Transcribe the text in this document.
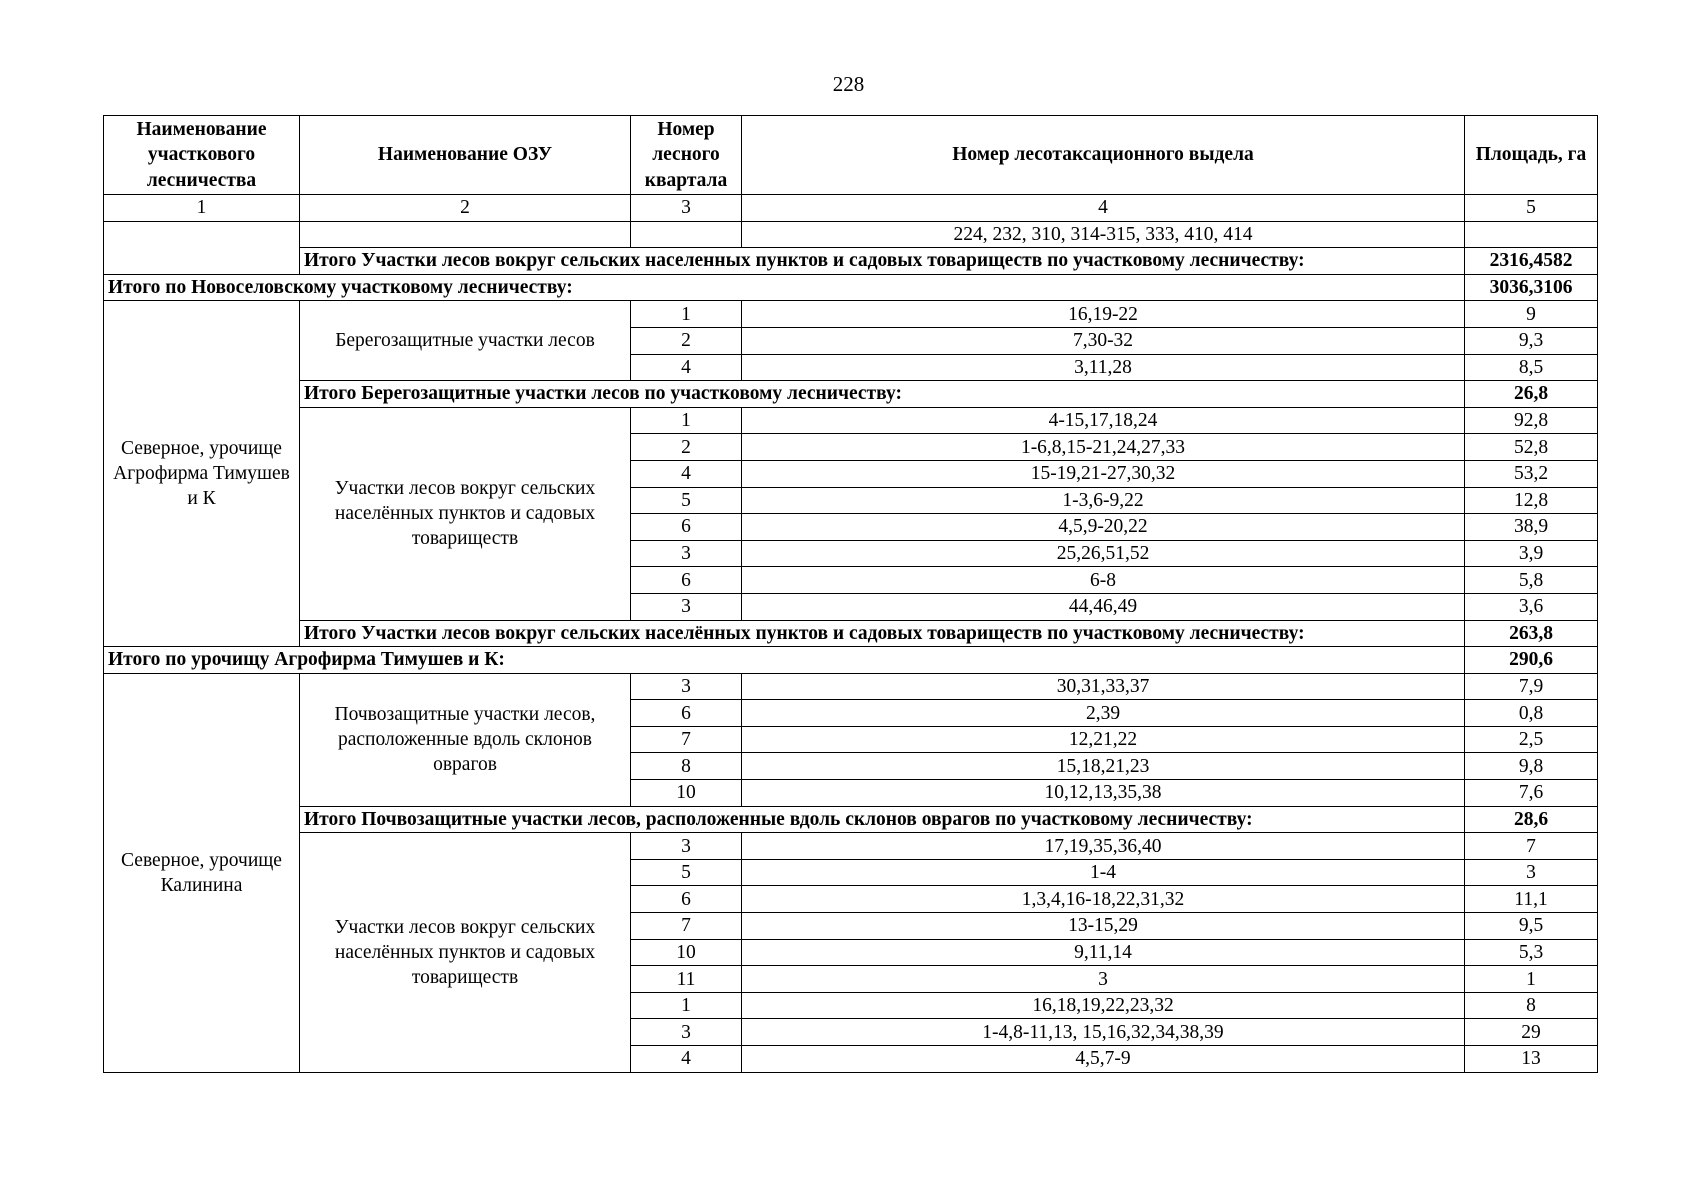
228
Наименование участкового лесничества	Наименование ОЗУ	Номер лесного квартала	Номер лесотаксационного выдела	Площадь, га
1	2	3	4	5
			224, 232, 310, 314-315, 333, 410, 414	
	Итого Участки лесов вокруг сельских населенных пунктов и садовых товариществ по участковому лесничеству:			2316,4582
Итого по Новоселовскому участковому лесничеству:				3036,3106
Северное, урочище Агрофирма Тимушев и К	Берегозащитные участки лесов	1	16,19-22	9
		2	7,30-32	9,3
		4	3,11,28	8,5
	Итого Берегозащитные участки лесов по участковому лесничеству:			26,8
	Участки лесов вокруг сельских населённых пунктов и садовых товариществ	1	4-15,17,18,24	92,8
		2	1-6,8,15-21,24,27,33	52,8
		4	15-19,21-27,30,32	53,2
		5	1-3,6-9,22	12,8
		6	4,5,9-20,22	38,9
		3	25,26,51,52	3,9
		6	6-8	5,8
		3	44,46,49	3,6
	Итого Участки лесов вокруг сельских населённых пунктов и садовых товариществ по участковому лесничеству:			263,8
Итого по урочищу Агрофирма Тимушев и К:				290,6
Северное, урочище Калинина	Почвозащитные участки лесов, расположенные вдоль склонов оврагов	3	30,31,33,37	7,9
		6	2,39	0,8
		7	12,21,22	2,5
		8	15,18,21,23	9,8
		10	10,12,13,35,38	7,6
	Итого Почвозащитные участки лесов, расположенные вдоль склонов оврагов по участковому лесничеству:			28,6
	Участки лесов вокруг сельских населённых пунктов и садовых товариществ	3	17,19,35,36,40	7
		5	1-4	3
		6	1,3,4,16-18,22,31,32	11,1
		7	13-15,29	9,5
		10	9,11,14	5,3
		11	3	1
		1	16,18,19,22,23,32	8
		3	1-4,8-11,13, 15,16,32,34,38,39	29
		4	4,5,7-9	13
